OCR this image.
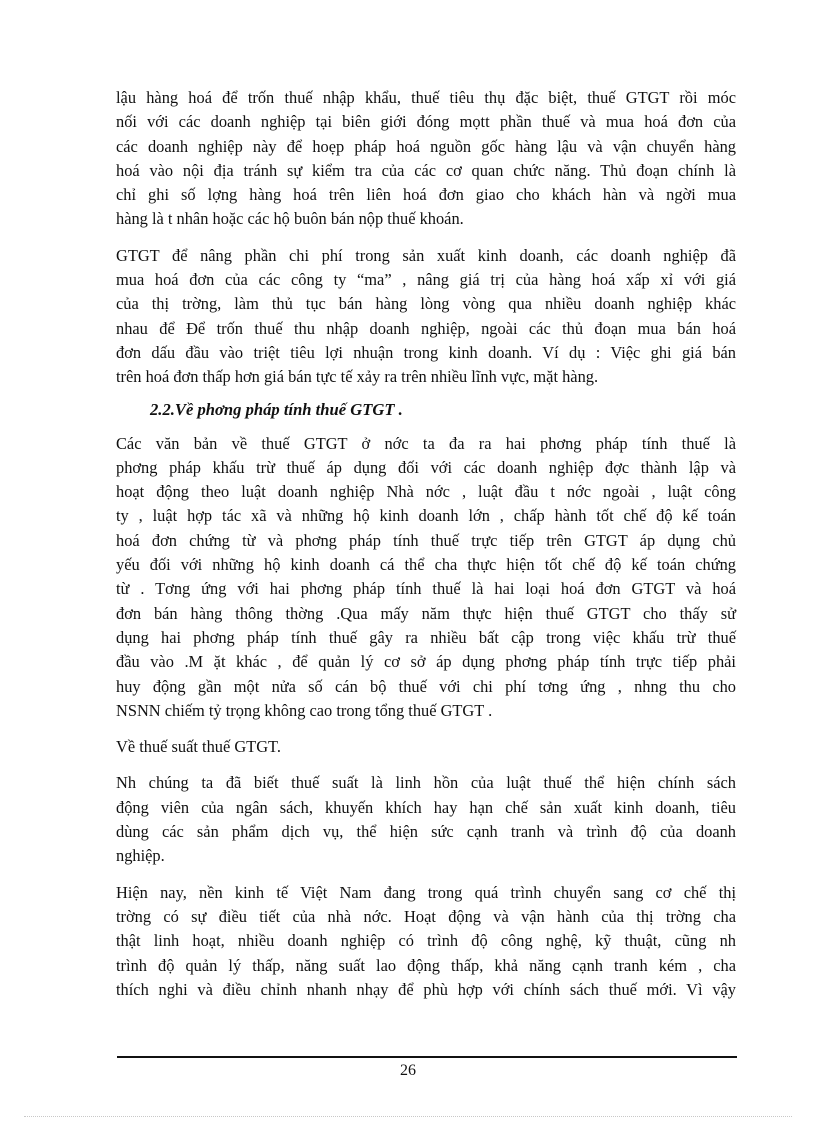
lậu hàng hoá để trốn thuế nhập khẩu, thuế tiêu thụ đặc biệt, thuế GTGT rồi móc
nối với các doanh nghiệp tại biên giới đóng mọtt phần thuế và mua hoá đơn của
các doanh nghiệp này để hoẹp pháp hoá nguồn gốc hàng lậu và vận chuyển hàng
hoá vào nội địa tránh sự kiểm tra của các cơ quan chức năng. Thủ đoạn chính là
chỉ ghi số lợng hàng hoá trên liên hoá đơn giao cho khách hàn và ngời mua
hàng là t nhân hoặc các hộ buôn bán nộp thuế khoán.

GTGT để nâng phần chi phí trong sản xuất kinh doanh, các doanh nghiệp đã
mua hoá đơn của các công ty “ma” , nâng giá trị của hàng hoá xấp xỉ với giá
của thị trờng, làm thủ tục bán hàng lòng vòng qua nhiều doanh nghiệp khác
nhau để Để trốn thuế thu nhập doanh nghiệp, ngoài các thủ đoạn mua bán hoá
đơn dấu đầu vào triệt tiêu lợi nhuận trong kinh doanh. Ví dụ : Việc ghi giá bán
trên hoá đơn thấp hơn giá bán tực tế xảy ra trên nhiều lĩnh vực, mặt hàng.

2.2.Về phơng pháp tính thuế GTGT .

Các văn bản về thuế GTGT ở nớc ta đa ra hai phơng pháp tính thuế là
phơng pháp khấu trừ thuế áp dụng đối với các doanh nghiệp đợc thành lập và
hoạt động theo luật doanh nghiệp Nhà nớc , luật đầu t nớc ngoài , luật công
ty , luật hợp tác xã và những hộ kinh doanh lớn , chấp hành tốt chế độ kế toán
hoá đơn chứng từ và phơng pháp tính thuế trực tiếp trên GTGT áp dụng chủ
yếu đối với những hộ kinh doanh cá thể cha thực hiện tốt chế độ kế toán chứng
từ . Tơng ứng với hai phơng pháp tính thuế là hai loại hoá đơn GTGT và hoá
đơn bán hàng thông thờng .Qua mấy năm thực hiện thuế GTGT cho thấy sử
dụng hai phơng pháp tính thuế gây ra nhiều bất cập trong việc khấu trừ thuế
đầu vào .M ặt khác , để quản lý cơ sở áp dụng phơng pháp tính trực tiếp phải
huy động gần một nửa số cán bộ thuế với chi phí tơng ứng , nhng thu cho
NSNN chiếm tỷ trọng không cao trong tổng thuế GTGT .

Về thuế suất thuế GTGT.

Nh chúng ta đã biết thuế suất là linh hồn của luật thuế thể hiện chính sách
động viên của ngân sách, khuyến khích hay hạn chế sản xuất kinh doanh, tiêu
dùng các sản phẩm dịch vụ, thể hiện sức cạnh tranh và trình độ của doanh
nghiệp.

Hiện nay, nền kinh tế Việt Nam đang trong quá trình chuyển sang cơ chế thị
trờng có sự điều tiết của nhà nớc. Hoạt động và vận hành của thị trờng cha
thật linh hoạt, nhiều doanh nghiệp có trình độ công nghệ, kỹ thuật, cũng nh
trình độ quản lý thấp, năng suất lao động thấp, khả năng cạnh tranh kém , cha
thích nghi và điều chỉnh nhanh nhạy để phù hợp với chính sách thuế mới. Vì vậy

26
